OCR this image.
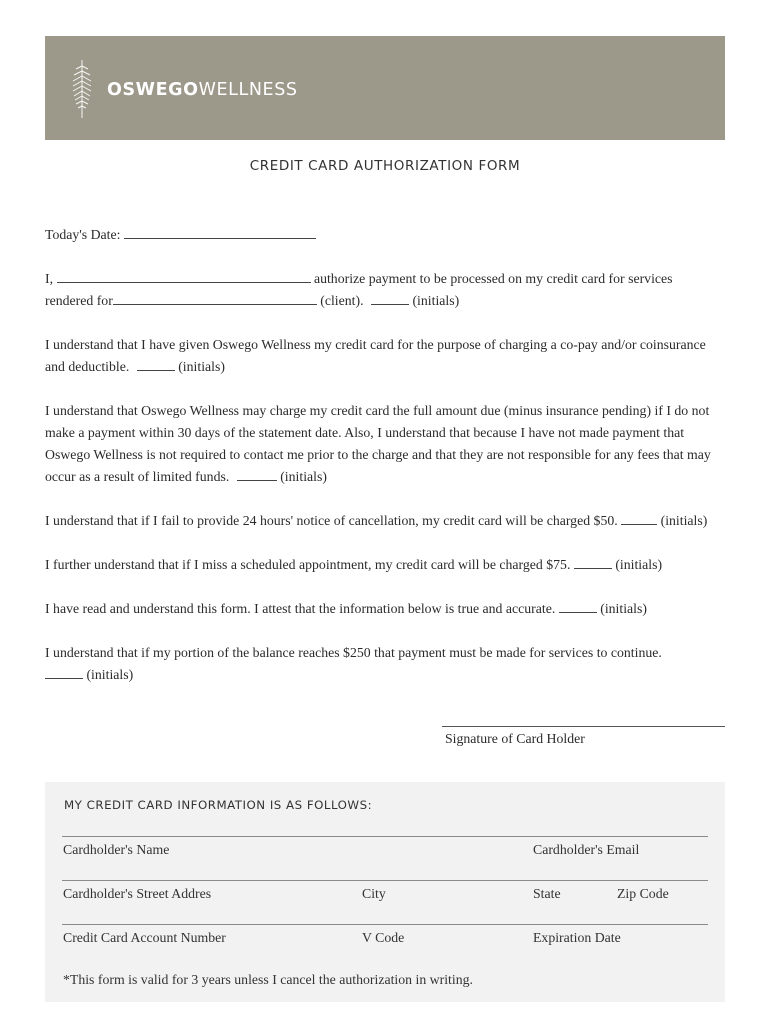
OSWEGOWELLNESS
CREDIT CARD AUTHORIZATION FORM

Today's Date:

I,	authorize payment to be processed on my credit card for services
rendered for	(client).	(initials)

I understand that I have given Oswego Wellness my credit card for the purpose of charging a co-pay and/or coinsurance and deductible.	(initials)

I understand that Oswego Wellness may charge my credit card the full amount due (minus insurance pending) if I do not make a payment within 30 days of the statement date. Also, I understand that because I have not made payment that Oswego Wellness is not required to contact me prior to the charge and that they are not responsible for any fees that may occur as a result of limited funds.	(initials)

I understand that if I fail to provide 24 hours' notice of cancellation, my credit card will be charged $50.	(initials)

I further understand that if I miss a scheduled appointment, my credit card will be charged $75.	(initials)

I have read and understand this form. I attest that the information below is true and accurate.	(initials)

I understand that if my portion of the balance reaches $250 that payment must be made for services to continue.
(initials)

Signature of Card Holder
MY CREDIT CARD INFORMATION IS AS FOLLOWS:
Cardholder's Name	Cardholder's Email
Cardholder's Street Addres	City	State	Zip Code
Credit Card Account Number	V Code	Expiration Date
*This form is valid for 3 years unless I cancel the authorization in writing.
